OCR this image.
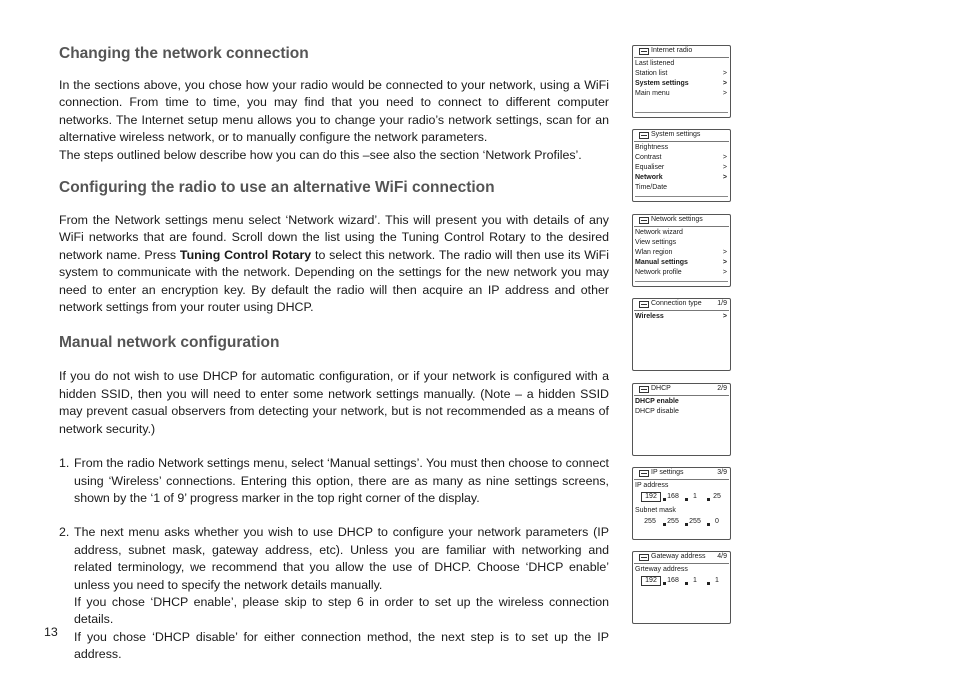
Changing the network connection

In the sections above, you chose how your radio would be connected to your network, using a WiFi connection. From time to time, you may find that you need to connect to different computer networks. The Internet setup menu allows you to change your radio’s network settings, scan for an alternative wireless network, or to manually configure the network parameters.

The steps outlined below describe how you can do this –see also the section ‘Network Profiles’.

Configuring the radio to use an alternative WiFi connection

From the Network settings menu select ‘Network wizard’. This will present you with details of any WiFi networks that are found. Scroll down the list using the Tuning Control Rotary to the desired network name. Press Tuning Control Rotary to select this network. The radio will then use its WiFi system to communicate with the network. Depending on the settings for the new network you may need to enter an encryption key. By default the radio will then acquire an IP address and other network settings from your router using DHCP.

Manual network configuration

If you do not wish to use DHCP for automatic configuration, or if your network is configured with a hidden SSID, then you will need to enter some network settings manually. (Note – a hidden SSID may prevent casual observers from detecting your network, but is not recommended as a means of network security.)

1. From the radio Network settings menu, select ‘Manual settings’. You must then choose to connect using ‘Wireless’ connections. Entering this option, there are as many as nine settings screens, shown by the ‘1 of 9’ progress marker in the top right corner of the display.
2. The next menu asks whether you wish to use DHCP to configure your network parameters (IP address, subnet mask, gateway address, etc). Unless you are familiar with networking and related terminology, we recommend that you allow the use of DHCP. Choose ‘DHCP enable’ unless you need to specify the network details manually.
If you chose ‘DHCP enable’, please skip to step 6 in order to set up the wireless connection details.
If you chose ‘DHCP disable’ for either connection method, the next step is to set up the IP address.
13
Internet radio
Last listened
Station list	>
System settings	>
Main menu	>
System settings
Brightness
Contrast	>
Equaliser	>
Network	>
Time/Date
Network settings
Network wizard
View settings
Wlan region	>
Manual settings	>
Network profile	>
Connection type 1/9
Wireless	>
DHCP	2/9
DHCP enable
DHCP disable
IP settings	3/9
IP address
192	168	1	25
Subnet mask
255	255	255	0
Gateway address 4/9
Grteway address
192	168	1	1
